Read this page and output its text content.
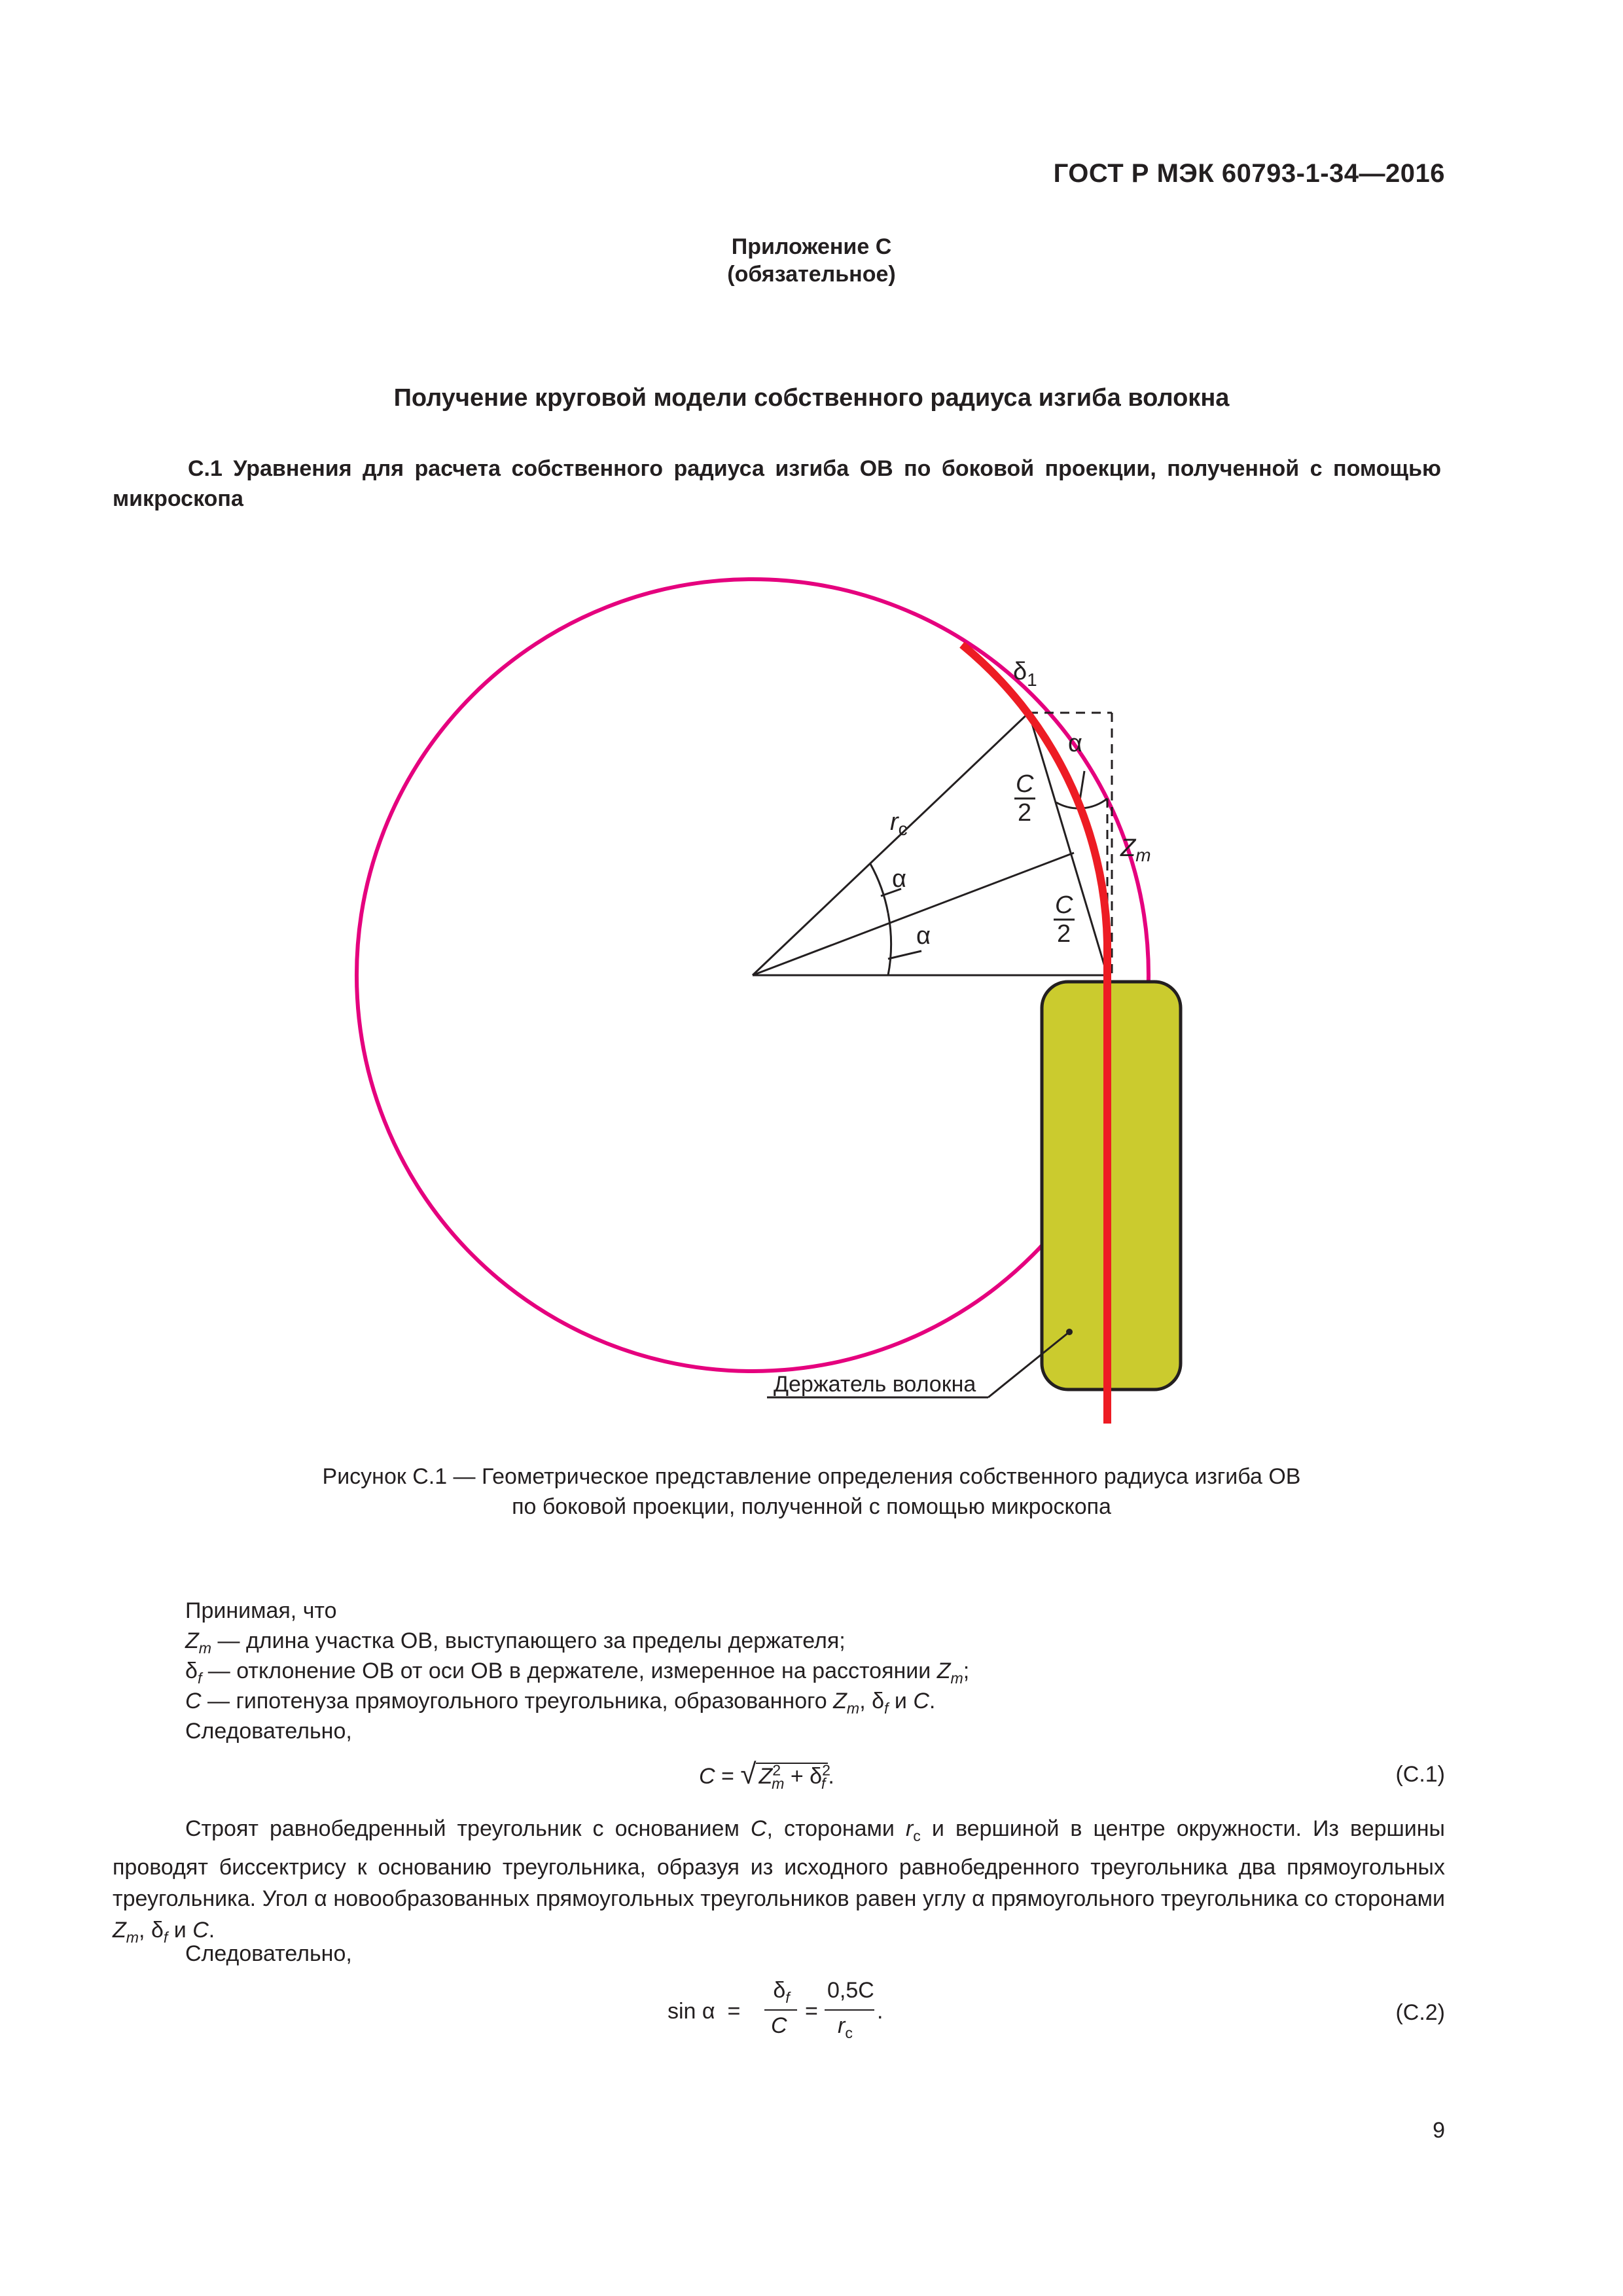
ГОСТ Р МЭК 60793-1-34—2016
Приложение С
(обязательное)
Получение круговой модели собственного радиуса изгиба волокна
С.1 Уравнения для расчета собственного радиуса изгиба ОВ по боковой проекции, полученной с помощью микроскопа
$\delta_1$
α
α
α
$r_c$
C
2
C
2
$Z_m$
Держатель волокна
Рисунок С.1 — Геометрическое представление определения собственного радиуса изгиба ОВ
по боковой проекции, полученной с помощью микроскопа
Принимая, что
$Z_m$ — длина участка ОВ, выступающего за пределы держателя;
$\delta_f$ — отклонение ОВ от оси ОВ в держателе, измеренное на расстоянии $Z_m$;
C — гипотенуза прямоугольного треугольника, образованного $Z_m$, $\delta_f$ и C.
Следовательно,
C = √ $Z^2_m + \delta^2_f$ .	(С.1)
Строят равнобедренный треугольник с основанием C, сторонами $r_c$ и вершиной в центре окружности. Из вершины проводят биссектрису к основанию треугольника, образуя из исходного равнобедренного треугольника два прямоугольных треугольника. Угол α новообразованных прямоугольных треугольников равен углу α прямоугольного треугольника со сторонами $Z_m$, $\delta_f$ и C.
Следовательно,
sin α  =
$\delta_f$
C
=
0,5C
$r_c$
.	(С.2)
9
